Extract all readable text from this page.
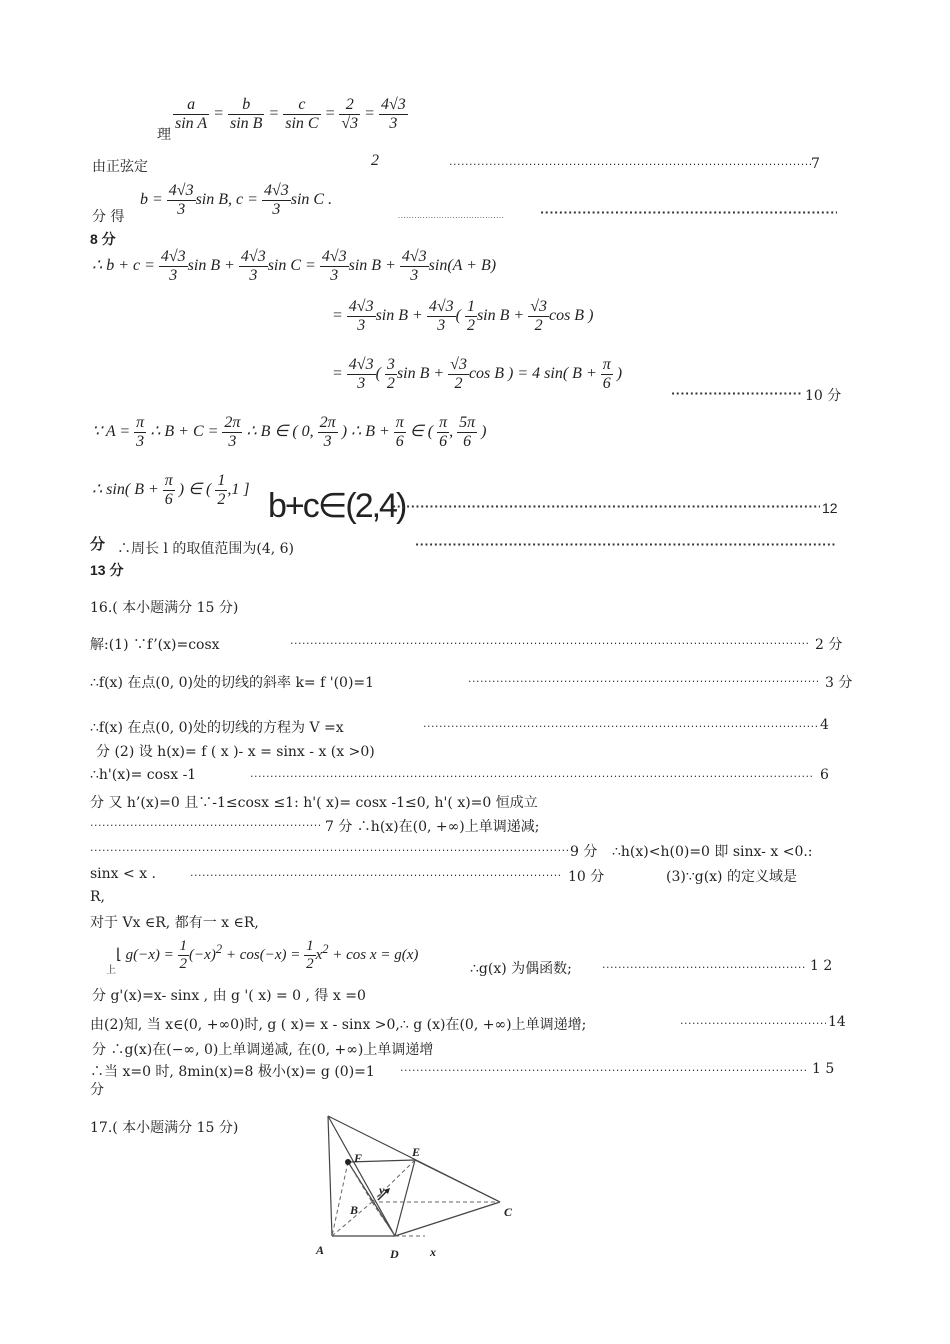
理
$\frac{a}{\text{sin A}} = \frac{b}{\text{sin B}} = \frac{c}{\text{sin C}} = \frac{2}{√3} = \frac{4√3}{3}$
2
由正弦定 ·····	7
分 得
$b = \frac{4√3}{3}$ sin B, $c = \frac{4√3}{3}$ sin C .
·····
·····
8 分
∴ $b + c = \frac{4√3}{3}$ $\sin B + \frac{4√3}{3}$ $\sin C = \frac{4√3}{3}$ $\sin B + \frac{4√3}{3} \sin(A + B)$
= $\frac{4√3}{3}$ $\sin B + \frac{4√3}{3}$ ( $\frac{1}{2}$ $\sin B + \frac{√3}{2}$ cos B )
= $\frac{4√3}{3}$ ( $\frac{3}{2}$ $\sin B + \frac{√3}{2}$ cos B ) = 4 sin( $B + \frac{\pi}{6}$ )
·····
10 分
∵ $A = \frac{\pi}{3}$ ∴ $B + C = \frac{2\pi}{3}$ ∴ B ∈ ( 0, $\frac{2\pi}{3}$ ) ∴ $B + \frac{\pi}{6}$ ∈ ( $\frac{\pi}{6}$ , $\frac{5\pi}{6}$ )
∴ sin( $B + \frac{\pi}{6}$ ) ∈ ( $\frac{1}{2} ,1$ ] b+c∈(2,4) ·····	12
分 ∴周长 l 的取值范围为(4, 6)
·····
13 分
16.( 本小题满分 15 分)
解:(1) ∵f’(x)=cosx ·····	2 分
∴f(x) 在点(0, 0)处的切线的斜率 k= f '(0)=1 ·····	3 分
∴f(x) 在点(0, 0)处的切线的方程为 V =x ·····	4
分 (2) 设 h(x)= f ( x )- x = sinx - x (x >0)
∴h'(x)= cosx -1 ·····	6
分 又 h’(x)=0 且∵-1≤cosx ≤1: h'( x)= cosx -1≤0, h'( x)=0 恒成立
·····
7 分 ∴h(x)在(0, +∞)上单调递减;
·····
9 分 ∴h(x)<h(0)=0 即 sinx- x <0.:
sinx < x . ·····	10 分	(3)∵g(x) 的定义域是
R,
对于 Vx ∈R, 都有一 x ∈R,
上
⌊ $g(-x) = \frac{1}{2} (-x)^2 + \cos(-x) = \frac{1}{2} x^2 + \cos x = g(x)$
∴g(x) 为偶函数; ·····	1 2
分 g'(x)=x- sinx , 由 g '( x) = 0 , 得 x =0
由(2)知, 当 x∈(0, +∞0)时, g ( x)= x - sinx >0,∴ g (x)在(0, +∞)上单调递增; ·····	14
分 ∴g(x)在(−∞, 0)上单调递减, 在(0, +∞)上单调递增
∴当 x=0 时, 8min(x)=8 极小(x)= g (0)=1 ·····	1 5
分
17.( 本小题满分 15 分)
F	E
y
B	C
A	D	x
